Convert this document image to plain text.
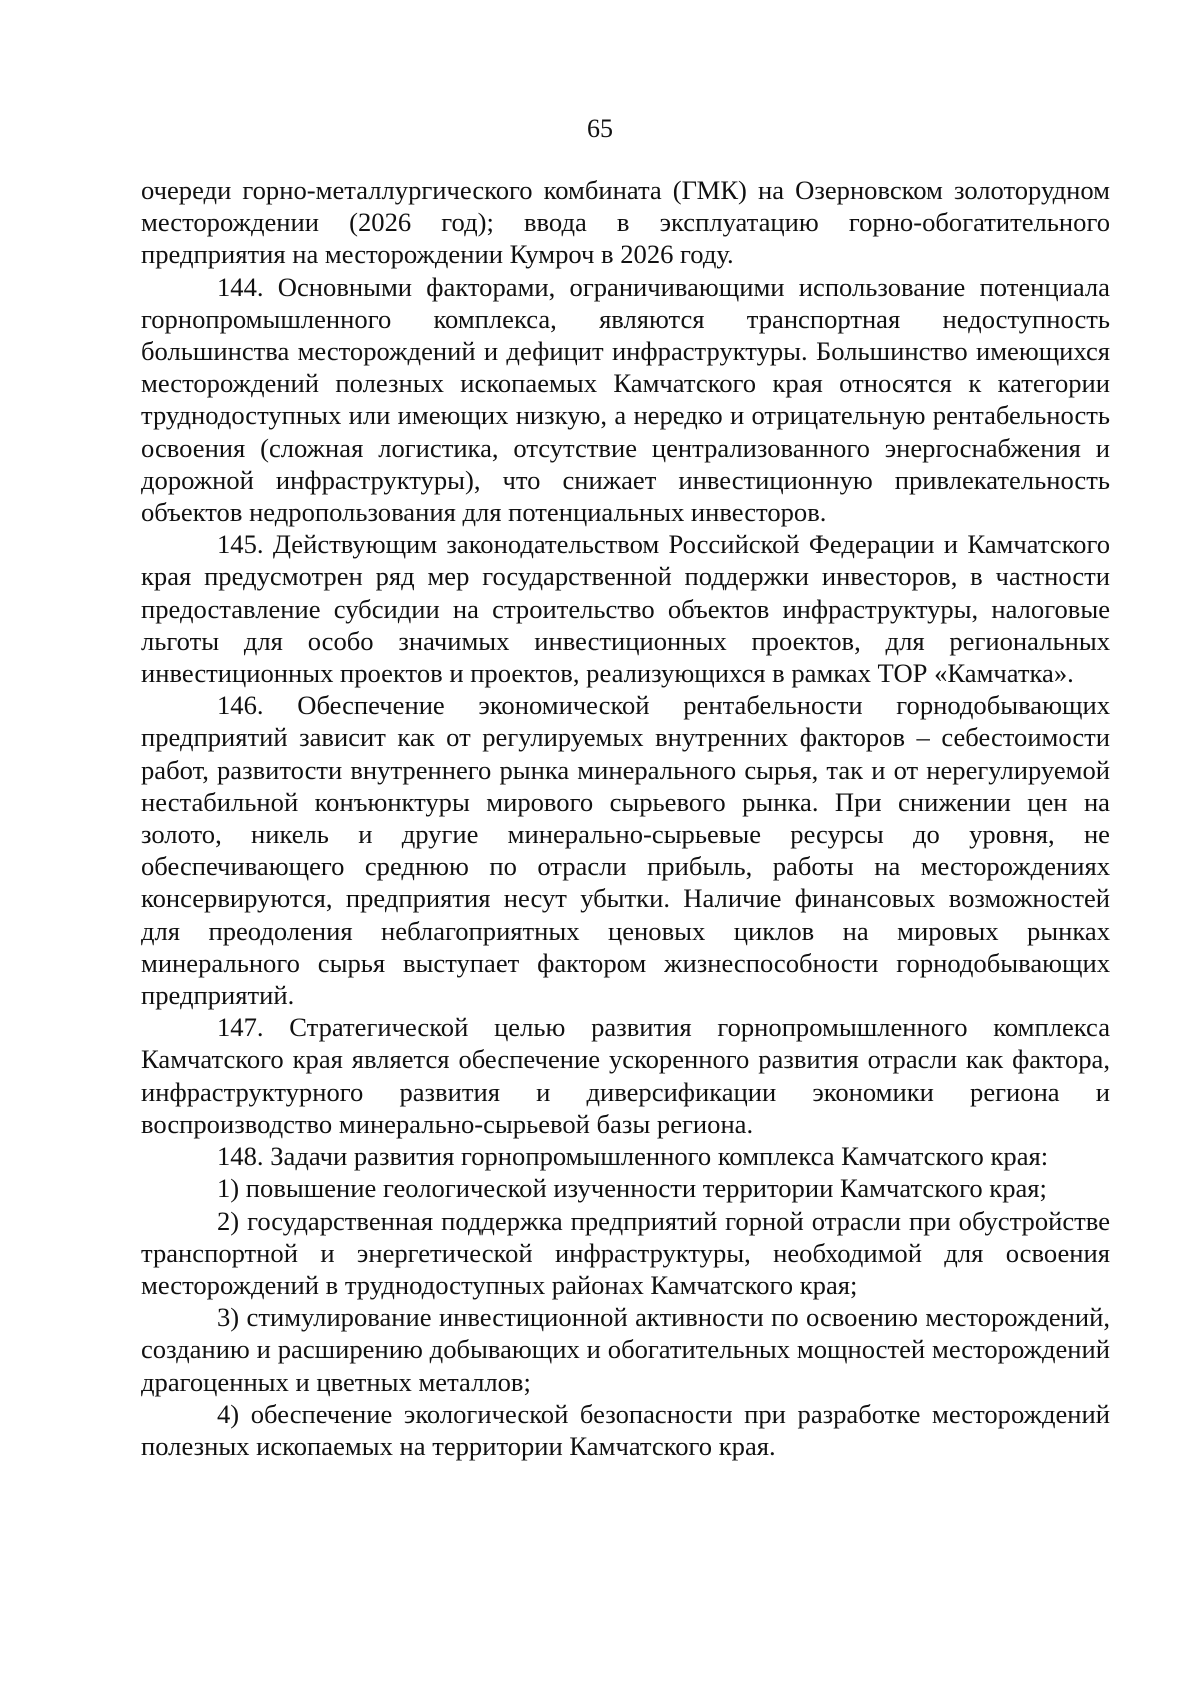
65

очереди горно-металлургического комбината (ГМК) на Озерновском золоторудном месторождении (2026 год); ввода в эксплуатацию горно-обогатительного предприятия на месторождении Кумроч в 2026 году.

144. Основными факторами, ограничивающими использование потенциала горнопромышленного комплекса, являются транспортная недоступность большинства месторождений и дефицит инфраструктуры. Большинство имеющихся месторождений полезных ископаемых Камчатского края относятся к категории труднодоступных или имеющих низкую, а нередко и отрицательную рентабельность освоения (сложная логистика, отсутствие централизованного энергоснабжения и дорожной инфраструктуры), что снижает инвестиционную привлекательность объектов недропользования для потенциальных инвесторов.

145. Действующим законодательством Российской Федерации и Камчатского края предусмотрен ряд мер государственной поддержки инвесторов, в частности предоставление субсидии на строительство объектов инфраструктуры, налоговые льготы для особо значимых инвестиционных проектов, для региональных инвестиционных проектов и проектов, реализующихся в рамках ТОР «Камчатка».

146. Обеспечение экономической рентабельности горнодобывающих предприятий зависит как от регулируемых внутренних факторов – себестоимости работ, развитости внутреннего рынка минерального сырья, так и от нерегулируемой нестабильной конъюнктуры мирового сырьевого рынка. При снижении цен на золото, никель и другие минерально-сырьевые ресурсы до уровня, не обеспечивающего среднюю по отрасли прибыль, работы на месторождениях консервируются, предприятия несут убытки. Наличие финансовых возможностей для преодоления неблагоприятных ценовых циклов на мировых рынках минерального сырья выступает фактором жизнеспособности горнодобывающих предприятий.

147. Стратегической целью развития горнопромышленного комплекса Камчатского края является обеспечение ускоренного развития отрасли как фактора, инфраструктурного развития и диверсификации экономики региона и воспроизводство минерально-сырьевой базы региона.

148. Задачи развития горнопромышленного комплекса Камчатского края:

1) повышение геологической изученности территории Камчатского края;

2) государственная поддержка предприятий горной отрасли при обустройстве транспортной и энергетической инфраструктуры, необходимой для освоения месторождений в труднодоступных районах Камчатского края;

3) стимулирование инвестиционной активности по освоению месторождений, созданию и расширению добывающих и обогатительных мощностей месторождений драгоценных и цветных металлов;

4) обеспечение экологической безопасности при разработке месторождений полезных ископаемых на территории Камчатского края.
